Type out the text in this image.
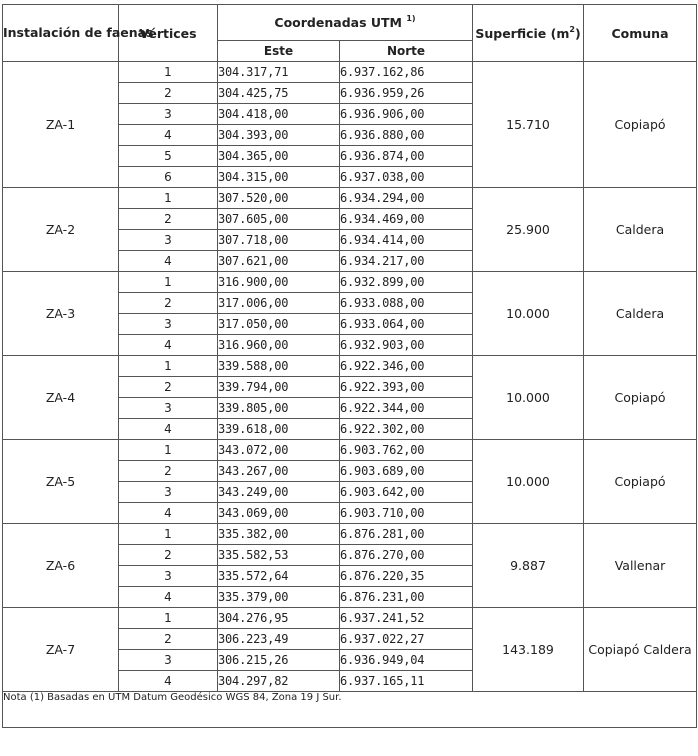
Instalación de faenas	Vértices	Coordenadas UTM $^{1)}$		Superficie $(m^2)$	Comuna
		Este	Norte		
ZA-1	1	304.317,71	6.937.162,86	15.710	Copiapó
	2	304.425,75	6.936.959,26		
	3	304.418,00	6.936.906,00		
	4	304.393,00	6.936.880,00		
	5	304.365,00	6.936.874,00		
	6	304.315,00	6.937.038,00		
ZA-2	1	307.520,00	6.934.294,00	25.900	Caldera
	2	307.605,00	6.934.469,00		
	3	307.718,00	6.934.414,00		
	4	307.621,00	6.934.217,00		
ZA-3	1	316.900,00	6.932.899,00	10.000	Caldera
	2	317.006,00	6.933.088,00		
	3	317.050,00	6.933.064,00		
	4	316.960,00	6.932.903,00		
ZA-4	1	339.588,00	6.922.346,00	10.000	Copiapó
	2	339.794,00	6.922.393,00		
	3	339.805,00	6.922.344,00		
	4	339.618,00	6.922.302,00		
ZA-5	1	343.072,00	6.903.762,00	10.000	Copiapó
	2	343.267,00	6.903.689,00		
	3	343.249,00	6.903.642,00		
	4	343.069,00	6.903.710,00		
ZA-6	1	335.382,00	6.876.281,00	9.887	Vallenar
	2	335.582,53	6.876.270,00		
	3	335.572,64	6.876.220,35		
	4	335.379,00	6.876.231,00		
ZA-7	1	304.276,95	6.937.241,52	143.189	Copiapó Caldera
	2	306.223,49	6.937.022,27		
	3	306.215,26	6.936.949,04		
	4	304.297,82	6.937.165,11		
Nota (1) Basadas en UTM Datum Geodésico WGS 84, Zona 19 J Sur.					
